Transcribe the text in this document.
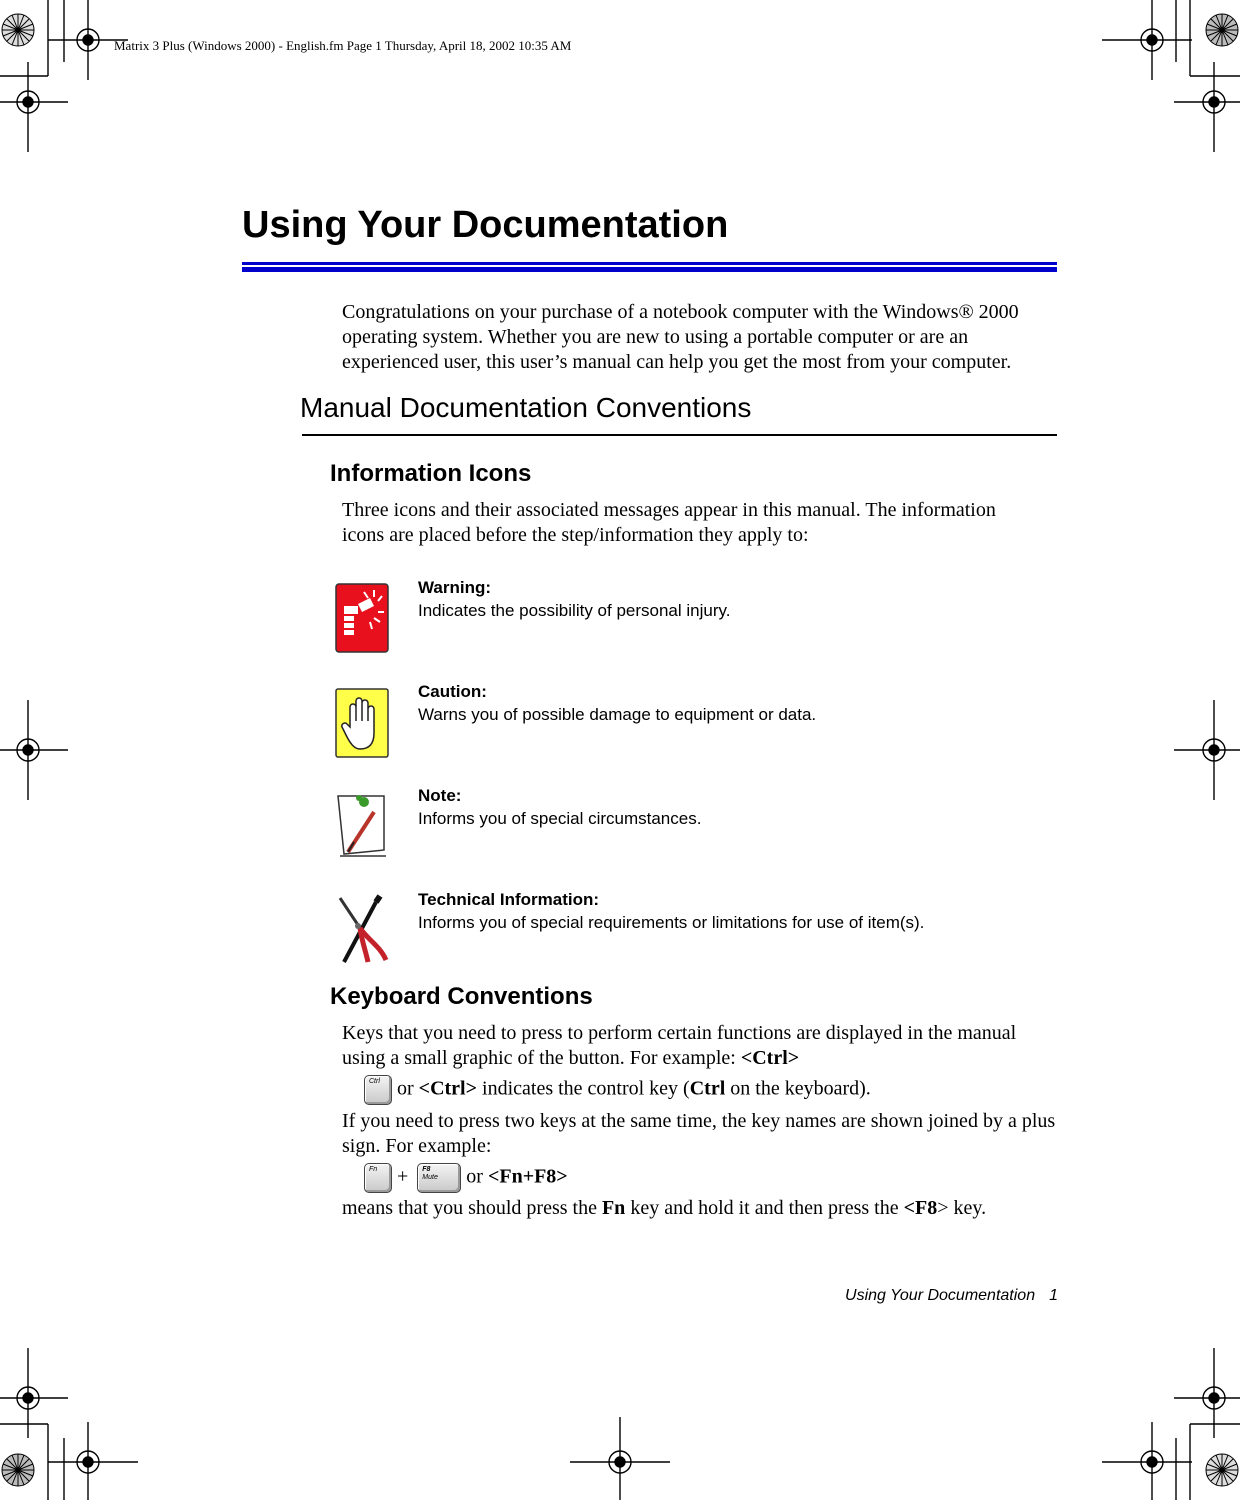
Matrix 3 Plus (Windows 2000) - English.fm Page 1 Thursday, April 18, 2002 10:35 AM
Using Your Documentation

Congratulations on your purchase of a notebook computer with the Windows® 2000 operating system. Whether you are new to using a portable computer or are an experienced user, this user’s manual can help you get the most from your computer.

Manual Documentation Conventions
Information Icons

Three icons and their associated messages appear in this manual. The information icons are placed before the step/information they apply to:

Warning:
Indicates the possibility of personal injury.
Caution:
Warns you of possible damage to equipment or data.
Note:
Informs you of special circumstances.
Technical Information:
Informs you of special requirements or limitations for use of item(s).
Keyboard Conventions

Keys that you need to press to perform certain functions are displayed in the manual using a small graphic of the button. For example: <Ctrl>

Ctrl or <Ctrl> indicates the control key (Ctrl on the keyboard).

If you need to press two keys at the same time, the key names are shown joined by a plus sign. For example:

Fn + F8
Mute or <Fn+F8>

means that you should press the Fn key and hold it and then press the <F8> key.

Using Your Documentation 1
